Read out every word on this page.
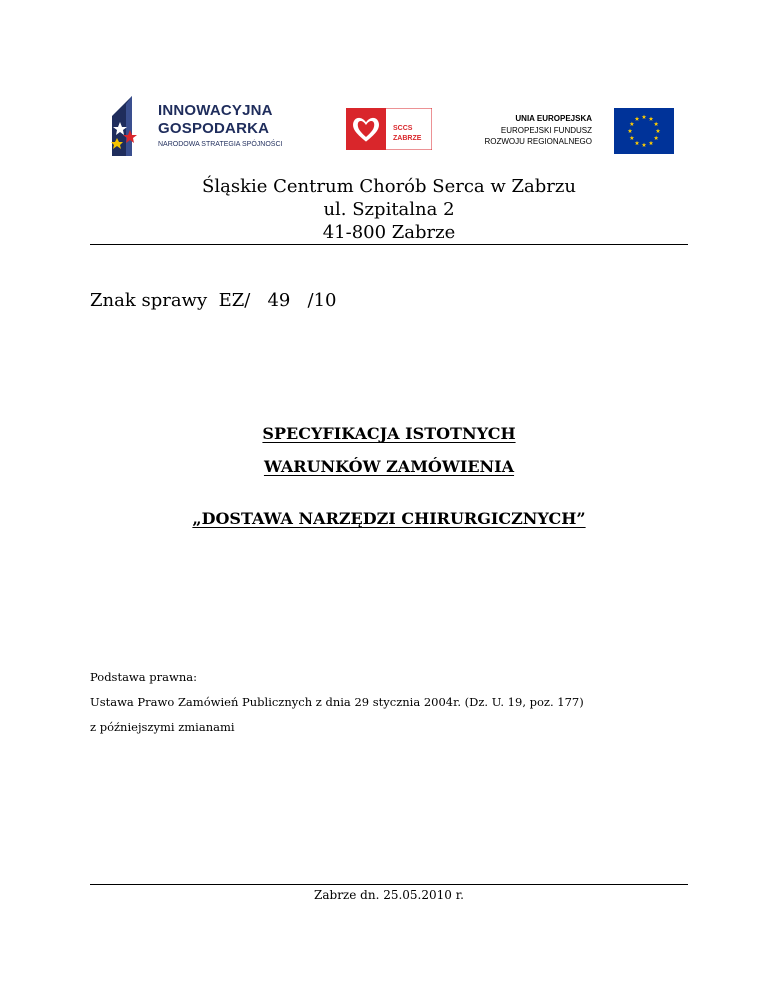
INNOWACYJNA
GOSPODARKA
NARODOWA STRATEGIA SPÓJNOŚCI
SCCS
ZABRZE
UNIA EUROPEJSKA
EUROPEJSKI FUNDUSZ
ROZWOJU REGIONALNEGO
Śląskie Centrum Chorób Serca w Zabrzu
ul. Szpitalna 2
41-800 Zabrze
Znak sprawy  EZ/   49   /10
SPECYFIKACJA ISTOTNYCH
WARUNKÓW ZAMÓWIENIA
„DOSTAWA NARZĘDZI CHIRURGICZNYCH”
Podstawa prawna:
Ustawa Prawo Zamówień Publicznych z dnia 29 stycznia 2004r. (Dz. U. 19, poz. 177)
z późniejszymi zmianami
Zabrze dn. 25.05.2010 r.
